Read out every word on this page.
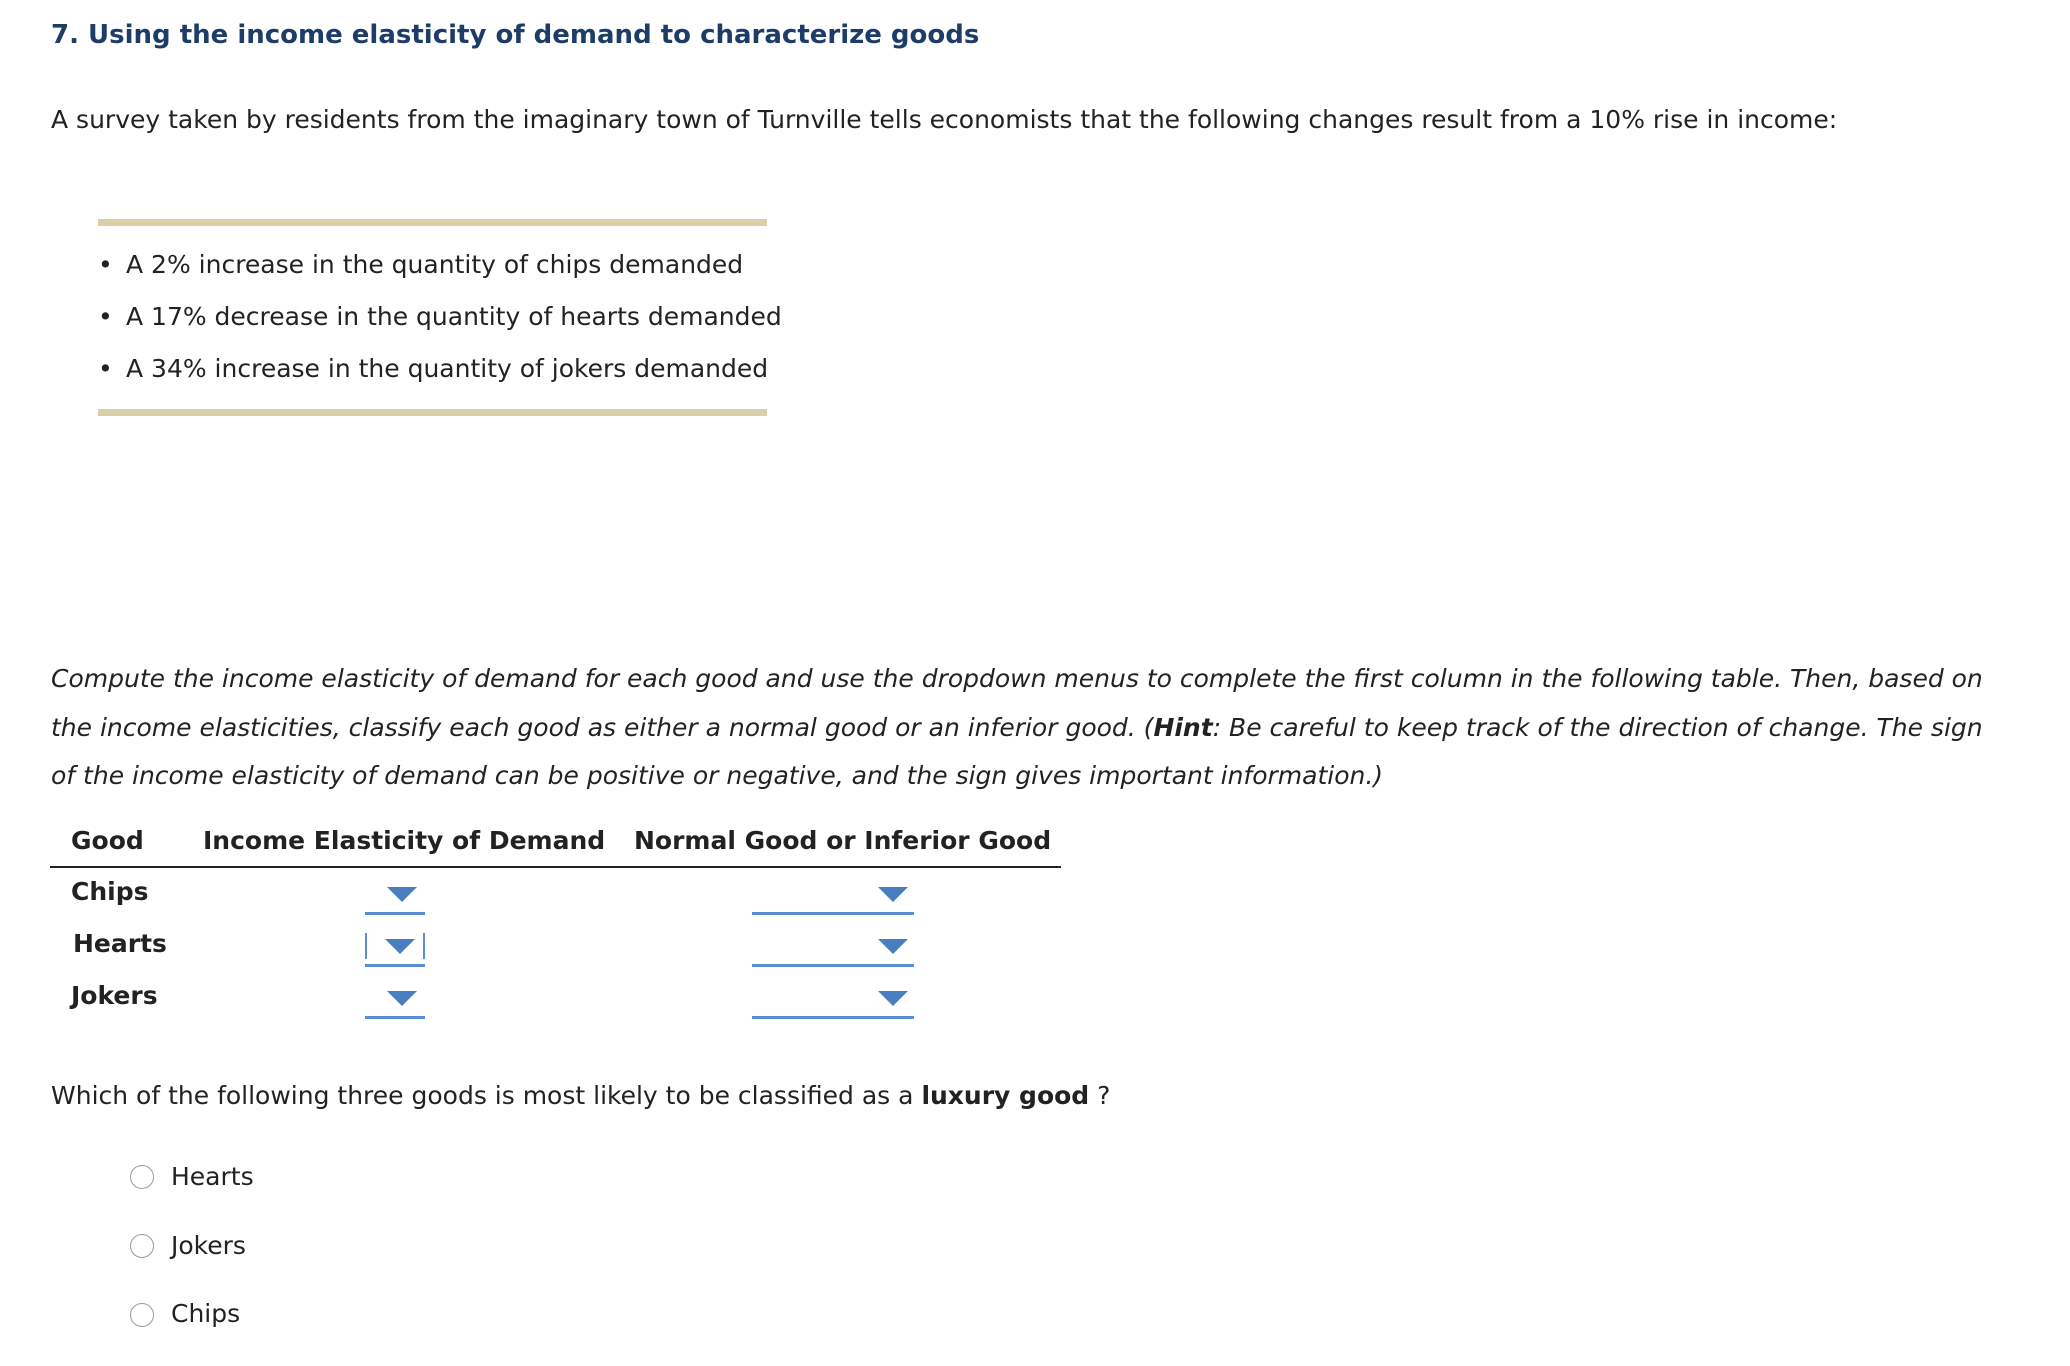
7. Using the income elasticity of demand to characterize goods
A survey taken by residents from the imaginary town of Turnville tells economists that the following changes result from a 10% rise in income:
• A 2% increase in the quantity of chips demanded
• A 17% decrease in the quantity of hearts demanded
• A 34% increase in the quantity of jokers demanded
Compute the income elasticity of demand for each good and use the dropdown menus to complete the first column in the following table. Then, based on the income elasticities, classify each good as either a normal good or an inferior good. (Hint: Be careful to keep track of the direction of change. The sign of the income elasticity of demand can be positive or negative, and the sign gives important information.)
Good Income Elasticity of Demand Normal Good or Inferior Good
Chips
Hearts
Jokers
Which of the following three goods is most likely to be classified as a luxury good ?
Hearts
Jokers
Chips
